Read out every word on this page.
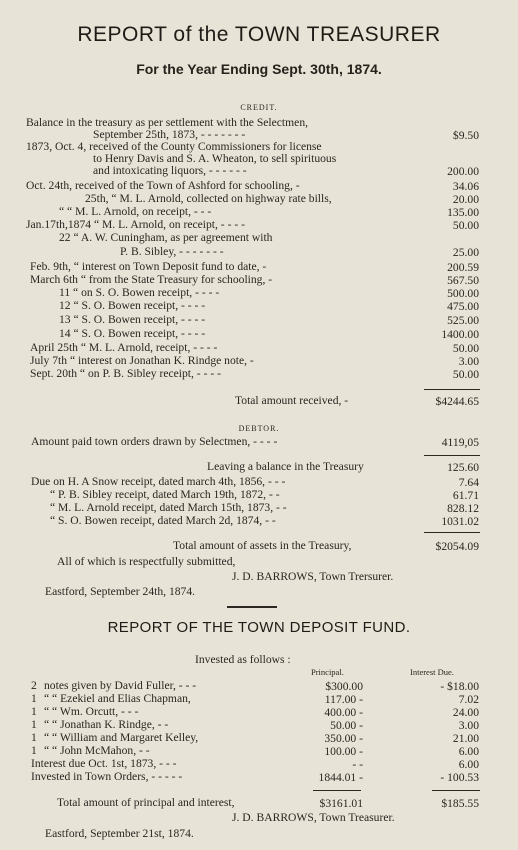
REPORT of the TOWN TREASURER
For the Year Ending Sept. 30th, 1874.
CREDIT.
Balance in the treasury as per settlement with the Selectmen,
September 25th, 1873, - - - - - - -	$9.50
1873, Oct. 4, received of the County Commissioners for license
to Henry Davis and S. A. Wheaton, to sell spirituous
and intoxicating liquors, - - - - - -	200.00
Oct. 24th, received of the Town of Ashford for schooling, -	34.06
25th, “ M. L. Arnold, collected on highway rate bills,	20.00
“ “ M. L. Arnold, on receipt, - - -	135.00
Jan.17th,1874 “ M. L. Arnold, on receipt, - - - -	50.00
22 “ A. W. Cuningham, as per agreement with
P. B. Sibley, - - - - - - -	25.00
Feb. 9th, “ interest on Town Deposit fund to date, -	200.59
March 6th “ from the State Treasury for schooling, -	567.50
11 “ on S. O. Bowen receipt, - - - -	500.00
12 “ S. O. Bowen receipt, - - - -	475.00
13 “ S. O. Bowen receipt, - - - -	525.00
14 “ S. O. Bowen receipt, - - - -	1400.00
April 25th “ M. L. Arnold, receipt, - - - -	50.00
July 7th “ interest on Jonathan K. Rindge note, -	3.00
Sept. 20th “ on P. B. Sibley receipt, - - - -	50.00
Total amount received, -	$4244.65
DEBTOR.
Amount paid town orders drawn by Selectmen, - - - -	4119,05
Leaving a balance in the Treasury	125.60
Due on H. A Snow receipt, dated march 4th, 1856, - - -	7.64
“ P. B. Sibley receipt, dated March 19th, 1872, - -	61.71
“ M. L. Arnold receipt, dated March 15th, 1873, - -	828.12
“ S. O. Bowen receipt, dated March 2d, 1874, - -	1031.02
Total amount of assets in the Treasury,	$2054.09
All of which is respectfully submitted,
J. D. BARROWS, Town Trersurer.
Eastford, September 24th, 1874.
REPORT OF THE TOWN DEPOSIT FUND.
Invested as follows :
Principal.	Interest Due.
2 notes given by David Fuller, - - -	$300.00	- $18.00
1 “ “ Ezekiel and Elias Chapman,	117.00 -	7.02
1 “ “ Wm. Orcutt, - - -	400.00 -	24.00
1 “ “ Jonathan K. Rindge, - -	50.00 -	3.00
1 “ “ William and Margaret Kelley,	350.00 -	21.00
1 “ “ John McMahon, - -	100.00 -	6.00
Interest due Oct. 1st, 1873, - - -	- -	6.00
Invested in Town Orders, - - - - -	1844.01 -	- 100.53
Total amount of principal and interest,	$3161.01	$185.55
J. D. BARROWS, Town Treasurer.
Eastford, September 21st, 1874.
